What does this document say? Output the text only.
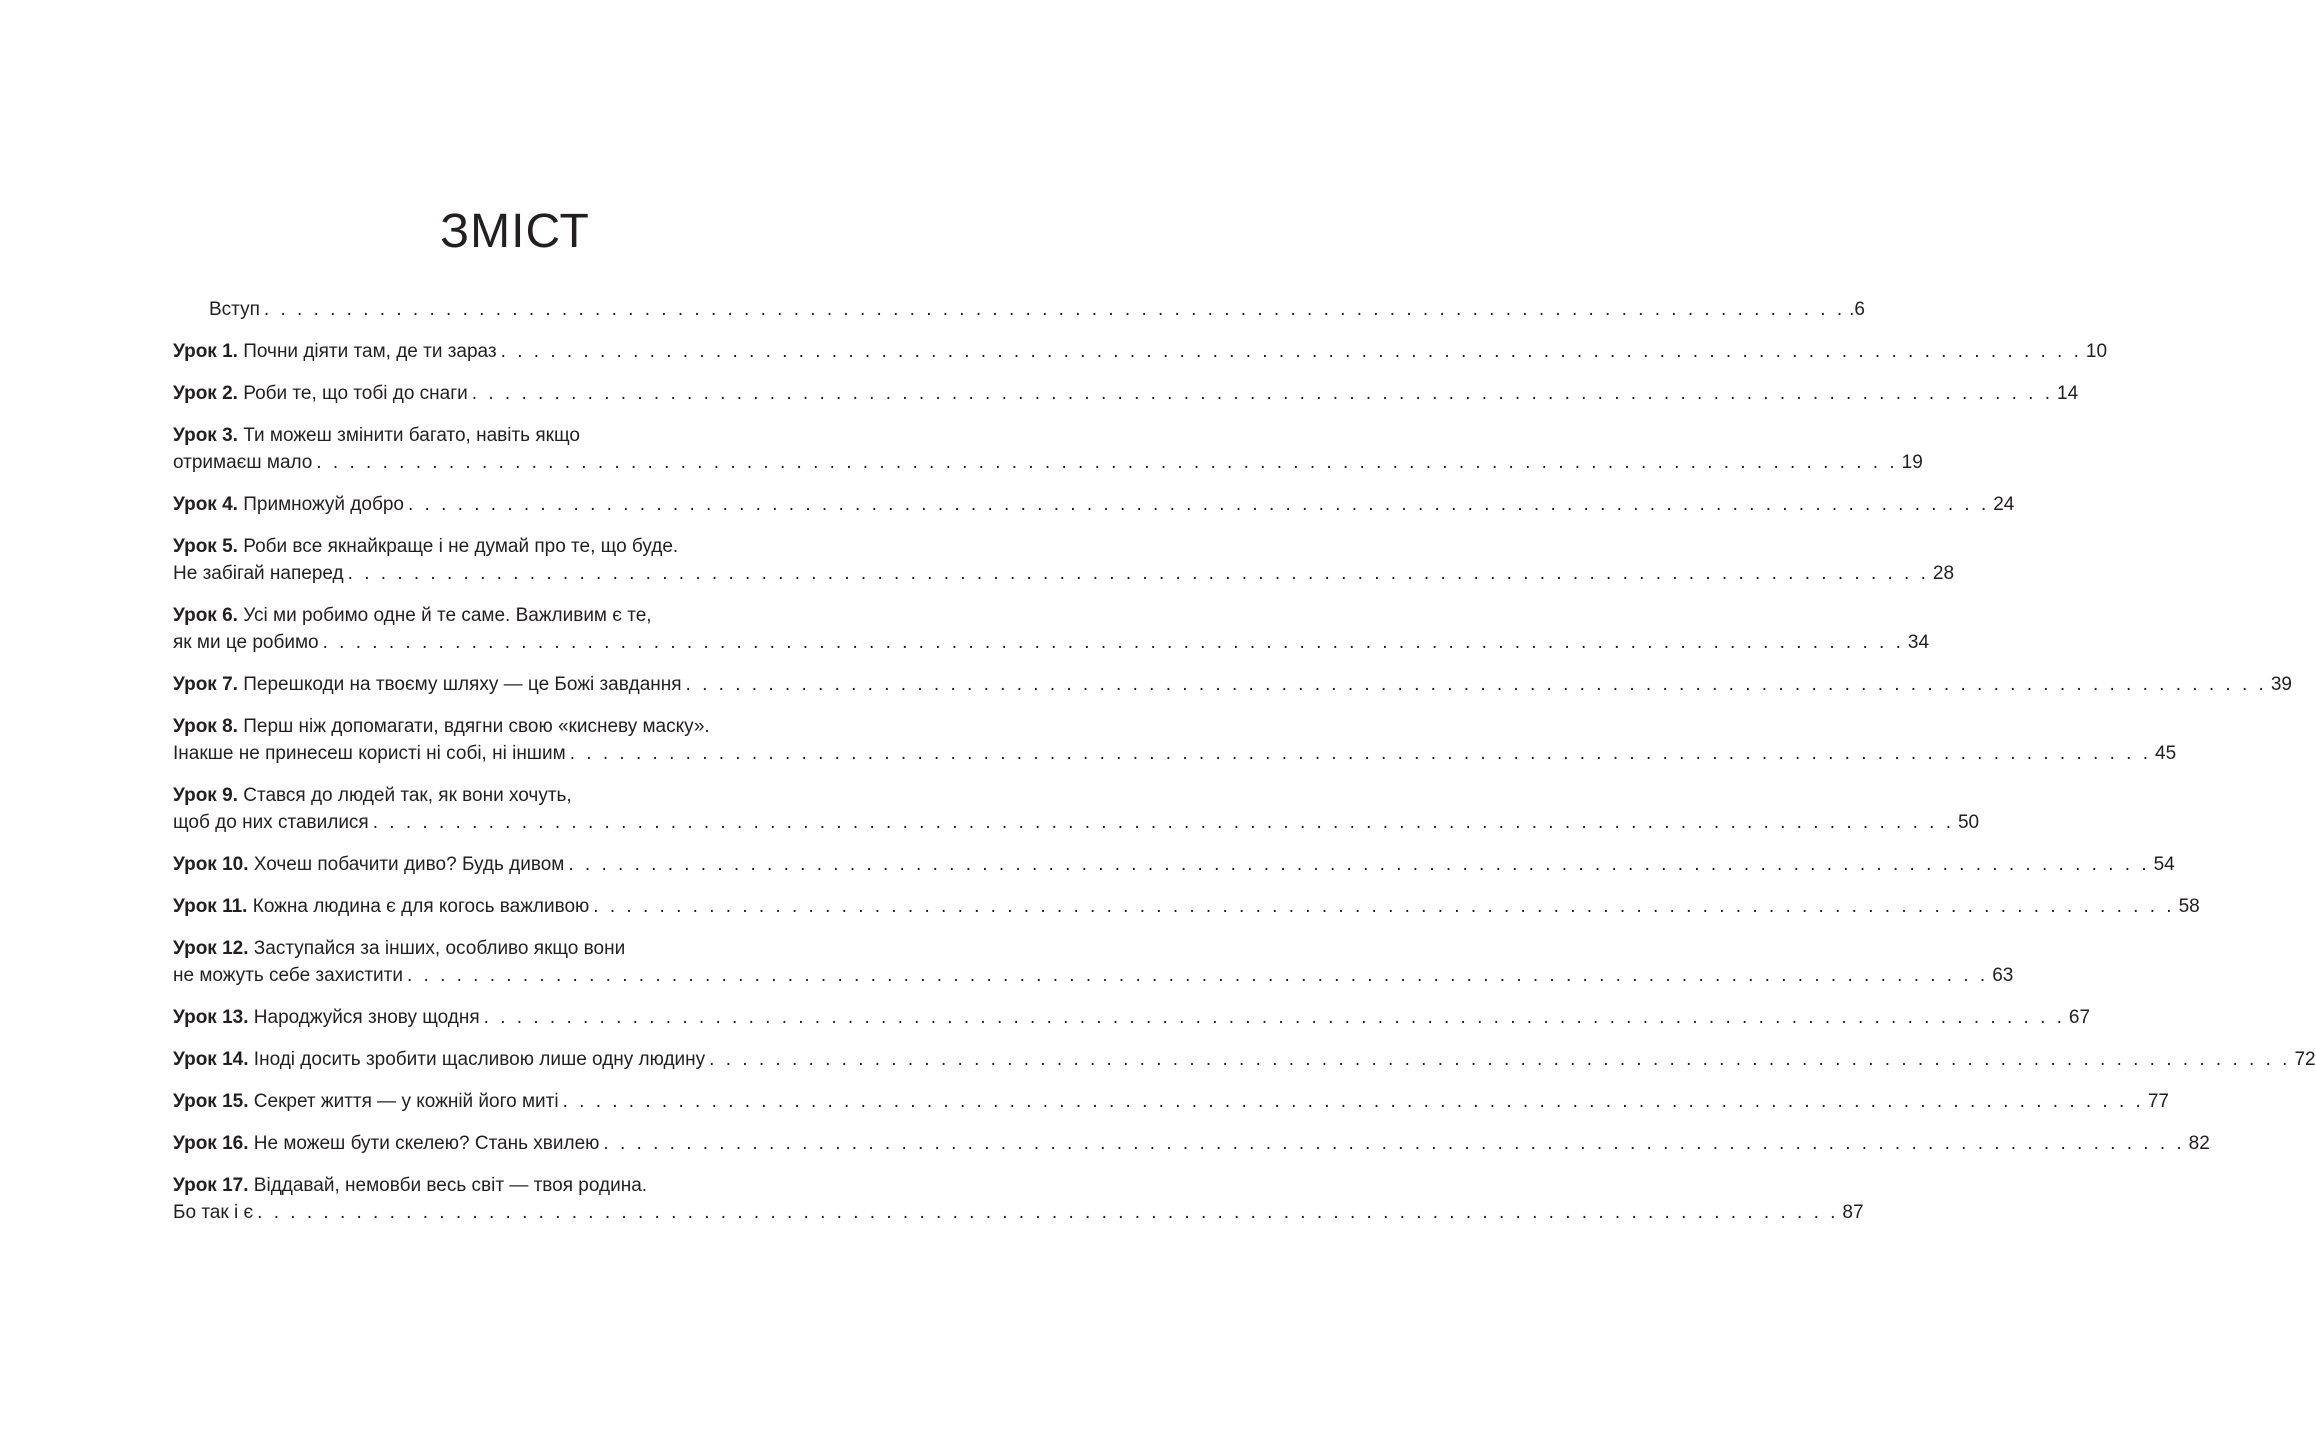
ЗМІСТ
Вступ . . . . . . . . . . . . . . . . . . . . . . . . . . . . . . . . . . . . . . . . . . . . . . . . . . . . . . . . . . . . . . . . . . . . . . . . . . . . . . . . . . . . . . . . . . . . . . . . .6
Урок 1. Почни діяти там, де ти зараз . . . . . . . . . . . . . . . . . . . . . . . . . . . . . . . . . . . . . . . . . . . . . . . . . . . . . . . . . . . . . . . . . . . . . . . . . . . . . . . . . . . . . . . . . . . . . . . . 10
Урок 2. Роби те, що тобі до снаги . . . . . . . . . . . . . . . . . . . . . . . . . . . . . . . . . . . . . . . . . . . . . . . . . . . . . . . . . . . . . . . . . . . . . . . . . . . . . . . . . . . . . . . . . . . . . . . . 14
Урок 3. Ти можеш змінити багато, навіть якщо
отримаєш мало . . . . . . . . . . . . . . . . . . . . . . . . . . . . . . . . . . . . . . . . . . . . . . . . . . . . . . . . . . . . . . . . . . . . . . . . . . . . . . . . . . . . . . . . . . . . . . . . 19
Урок 4. Примножуй добро . . . . . . . . . . . . . . . . . . . . . . . . . . . . . . . . . . . . . . . . . . . . . . . . . . . . . . . . . . . . . . . . . . . . . . . . . . . . . . . . . . . . . . . . . . . . . . . . 24
Урок 5. Роби все якнайкраще і не думай про те, що буде.
Не забігай наперед . . . . . . . . . . . . . . . . . . . . . . . . . . . . . . . . . . . . . . . . . . . . . . . . . . . . . . . . . . . . . . . . . . . . . . . . . . . . . . . . . . . . . . . . . . . . . . . . 28
Урок 6. Усі ми робимо одне й те саме. Важливим є те,
як ми це робимо . . . . . . . . . . . . . . . . . . . . . . . . . . . . . . . . . . . . . . . . . . . . . . . . . . . . . . . . . . . . . . . . . . . . . . . . . . . . . . . . . . . . . . . . . . . . . . . . 34
Урок 7. Перешкоди на твоєму шляху — це Божі завдання . . . . . . . . . . . . . . . . . . . . . . . . . . . . . . . . . . . . . . . . . . . . . . . . . . . . . . . . . . . . . . . . . . . . . . . . . . . . . . . . . . . . . . . . . . . . . . . . 39
Урок 8. Перш ніж допомагати, вдягни свою «кисневу маску».
Інакше не принесеш користі ні собі, ні іншим . . . . . . . . . . . . . . . . . . . . . . . . . . . . . . . . . . . . . . . . . . . . . . . . . . . . . . . . . . . . . . . . . . . . . . . . . . . . . . . . . . . . . . . . . . . . . . . . 45
Урок 9. Стався до людей так, як вони хочуть,
щоб до них ставилися . . . . . . . . . . . . . . . . . . . . . . . . . . . . . . . . . . . . . . . . . . . . . . . . . . . . . . . . . . . . . . . . . . . . . . . . . . . . . . . . . . . . . . . . . . . . . . . . 50
Урок 10. Хочеш побачити диво? Будь дивом . . . . . . . . . . . . . . . . . . . . . . . . . . . . . . . . . . . . . . . . . . . . . . . . . . . . . . . . . . . . . . . . . . . . . . . . . . . . . . . . . . . . . . . . . . . . . . . . 54
Урок 11. Кожна людина є для когось важливою . . . . . . . . . . . . . . . . . . . . . . . . . . . . . . . . . . . . . . . . . . . . . . . . . . . . . . . . . . . . . . . . . . . . . . . . . . . . . . . . . . . . . . . . . . . . . . . . 58
Урок 12. Заступайся за інших, особливо якщо вони
не можуть себе захистити . . . . . . . . . . . . . . . . . . . . . . . . . . . . . . . . . . . . . . . . . . . . . . . . . . . . . . . . . . . . . . . . . . . . . . . . . . . . . . . . . . . . . . . . . . . . . . . . 63
Урок 13. Народжуйся знову щодня . . . . . . . . . . . . . . . . . . . . . . . . . . . . . . . . . . . . . . . . . . . . . . . . . . . . . . . . . . . . . . . . . . . . . . . . . . . . . . . . . . . . . . . . . . . . . . . . 67
Урок 14. Іноді досить зробити щасливою лише одну людину . . . . . . . . . . . . . . . . . . . . . . . . . . . . . . . . . . . . . . . . . . . . . . . . . . . . . . . . . . . . . . . . . . . . . . . . . . . . . . . . . . . . . . . . . . . . . . . . 72
Урок 15. Секрет життя — у кожній його миті . . . . . . . . . . . . . . . . . . . . . . . . . . . . . . . . . . . . . . . . . . . . . . . . . . . . . . . . . . . . . . . . . . . . . . . . . . . . . . . . . . . . . . . . . . . . . . . . 77
Урок 16. Не можеш бути скелею? Стань хвилею . . . . . . . . . . . . . . . . . . . . . . . . . . . . . . . . . . . . . . . . . . . . . . . . . . . . . . . . . . . . . . . . . . . . . . . . . . . . . . . . . . . . . . . . . . . . . . . . 82
Урок 17. Віддавай, немовби весь світ — твоя родина.
Бо так і є . . . . . . . . . . . . . . . . . . . . . . . . . . . . . . . . . . . . . . . . . . . . . . . . . . . . . . . . . . . . . . . . . . . . . . . . . . . . . . . . . . . . . . . . . . . . . . . . 87
